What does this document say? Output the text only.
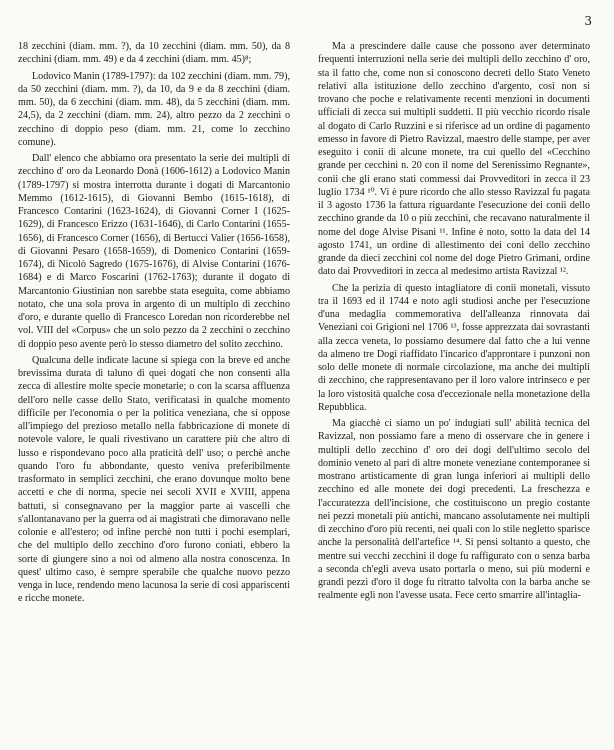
3

18 zecchini (diam. mm. ?), da 10 zecchini (diam. mm. 50), da 8 zecchini (diam. mm. 49) e da 4 zecchini (diam. mm. 45)⁸;

Lodovico Manin (1789-1797): da 102 zecchini (diam. mm. 79), da 50 zecchini (diam. mm. ?), da 10, da 9 e da 8 zecchini (diam. mm. 50), da 6 zecchini (diam. mm. 48), da 5 zecchini (diam. mm. 24,5), da 2 zecchini (diam. mm. 24), altro pezzo da 2 zecchini o zecchino di doppio peso (diam. mm. 21, come lo zecchino comune).

Dall' elenco che abbiamo ora presentato la serie dei multipli di zecchino d' oro da Leonardo Donà (1606-1612) a Lodovico Manin (1789-1797) si mostra interrotta durante i dogati di Marcantonio Memmo (1612-1615), di Giovanni Bembo (1615-1618), di Francesco Contarini (1623-1624), di Giovanni Corner I (1625-1629), di Francesco Erizzo (1631-1646), di Carlo Contarini (1655-1656), di Francesco Corner (1656), di Bertucci Valier (1656-1658), di Giovanni Pesaro (1658-1659), di Domenico Contarini (1659-1674), di Nicolò Sagredo (1675-1676), di Alvise Contarini (1676-1684) e di Marco Foscarini (1762-1763); durante il dogato di Marcantonio Giustinian non sarebbe stata eseguita, come abbiamo notato, che una sola prova in argento di un multiplo di zecchino d'oro, e durante quello di Francesco Loredan non ricorderebbe nel vol. VIII del «Corpus» che un solo pezzo da 2 zecchini o zecchino di doppio peso avente però lo stesso diametro del solito zecchino.

Qualcuna delle indicate lacune si spiega con la breve ed anche brevissima durata di taluno di quei dogati che non consentì alla zecca di allestire molte specie monetarie; o con la scarsa affluenza dell'oro nelle casse dello Stato, verificatasi in qualche momento difficile per l'economia o per la politica veneziana, che si oppose all'impiego del prezioso metallo nella fabbricazione di monete di notevole valore, le quali rivestivano un carattere più che altro di lusso e rispondevano poco alla praticità dell' uso; o perchè anche quando l'oro fu abbondante, questo veniva preferibilmente trasformato in semplici zecchini, che erano dovunque molto bene accetti e che di norma, specie nei secoli XVII e XVIII, appena battuti, si consegnavano per la maggior parte ai vascelli che s'allontanavano per la guerra od ai magistrati che dimoravano nelle colonie e all'estero; od infine perchè non tutti i pochi esemplari, che del multiplo dello zecchino d'oro furono coniati, ebbero la sorte di giungere sino a noi od almeno alla nostra conoscenza. In quest' ultimo caso, è sempre sperabile che qualche nuovo pezzo venga in luce, rendendo meno lacunosa la serie di così appariscenti e ricche monete.

Ma a prescindere dalle cause che possono aver determinato frequenti interruzioni nella serie dei multipli dello zecchino d' oro, sta il fatto che, come non si conoscono decreti dello Stato Veneto relativi alla istituzione dello zecchino d'argento, così non si trovano che poche e relativamente recenti menzioni in documenti ufficiali di zecca sui multipli suddetti. Il più vecchio ricordo risale al dogato di Carlo Ruzzini e si riferisce ad un ordine di pagamento emesso in favore di Pietro Ravizzal, maestro delle stampe, per aver eseguito i conii di alcune monete, tra cui quello del «Cecchino grande per cecchini n. 20 con il nome del Serenissimo Regnante», conii che gli erano stati commessi dai Provveditori in zecca il 23 luglio 1734 ¹⁰. Vi è pure ricordo che allo stesso Ravizzal fu pagata il 3 agosto 1736 la fattura riguardante l'esecuzione dei conii dello zecchino grande da 10 o più zecchini, che recavano naturalmente il nome del doge Alvise Pisani ¹¹. Infine è noto, sotto la data del 14 agosto 1741, un ordine di allestimento dei coni dello zecchino grande da dieci zecchini col nome del doge Pietro Grimani, ordine dato dai Provveditori in zecca al medesimo artista Ravizzal ¹².

Che la perizia di questo intagliatore di conii monetali, vissuto tra il 1693 ed il 1744 e noto agli studiosi anche per l'esecuzione d'una medaglia commemorativa dell'alleanza rinnovata dai Veneziani coi Grigioni nel 1706 ¹³, fosse apprezzata dai sovrastanti alla zecca veneta, lo possiamo desumere dal fatto che a lui venne da almeno tre Dogi riaffidato l'incarico d'approntare i punzoni non solo delle monete di normale circolazione, ma anche dei multipli di zecchino, che rappresentavano per il loro valore intrinseco e per la loro vistosità qualche cosa d'eccezionale nella monetazione della Repubblica.

Ma giacchè ci siamo un po' indugiati sull' abilità tecnica del Ravizzal, non possiamo fare a meno di osservare che in genere i multipli dello zecchino d' oro dei dogi dell'ultimo secolo del dominio veneto al pari di altre monete veneziane contemporanee si mostrano artisticamente di gran lunga inferiori ai multipli dello zecchino ed alle monete dei dogi precedenti. La freschezza e l'accuratezza dell'incisione, che costituiscono un pregio costante nei pezzi monetali più antichi, mancano assolutamente nei multipli di zecchino d'oro più recenti, nei quali con lo stile negletto sparisce anche la personalità dell'artefice ¹⁴. Si pensi soltanto a questo, che mentre sui vecchi zecchini il doge fu raffigurato con o senza barba a seconda ch'egli aveva usato portarla o meno, sui più moderni e grandi pezzi d'oro il doge fu ritratto talvolta con la barba anche se realmente egli non l'avesse usata. Fece certo smarrire all'intaglia-
